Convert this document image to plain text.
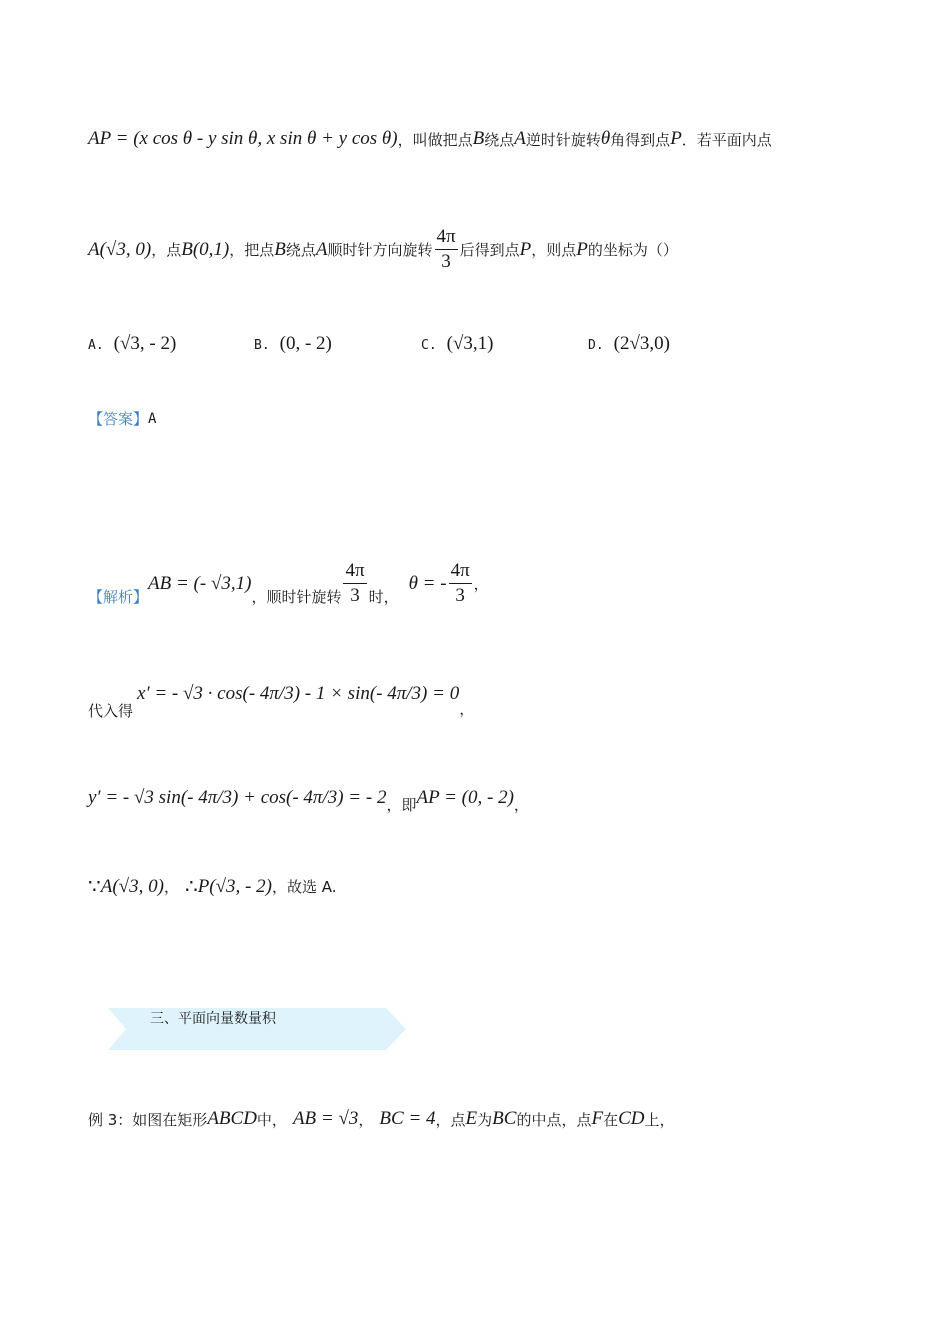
AP = (x cos θ - y sin θ, x sin θ + y cos θ) ，叫做把点 B 绕点 A 逆时针旋转 θ 角得到点 P ．若平面内点
A(√3, 0) ，点 B(0,1) ，把点 B 绕点 A 顺时针方向旋转 $\frac{4\pi}{3}$ 后得到点 P ，则点 P 的坐标为（）
A. (√3, - 2)	B. (0, - 2)	C. (√3,1)	D. (2√3,0)
【答案】 A
【解析】
AB = (- √3,1)
，顺时针旋转 $\frac{4\pi}{3}$ 时，
θ = - $\frac{4\pi}{3}$ ，
代入得
x′ = - √3 · cos(- 4π/3) - 1 × sin(- 4π/3) = 0
，
y′ = - √3 sin(- 4π/3) + cos(- 4π/3) = - 2 ，即 AP = (0, - 2) ，
∵ A(√3, 0) ， ∴ P(√3, - 2) ，故选 A.
三、平面向量数量积
例 3：如图在矩形 ABCD 中， AB = √3 ， BC = 4 ，点 E 为 BC 的中点，点 F 在 CD 上，
